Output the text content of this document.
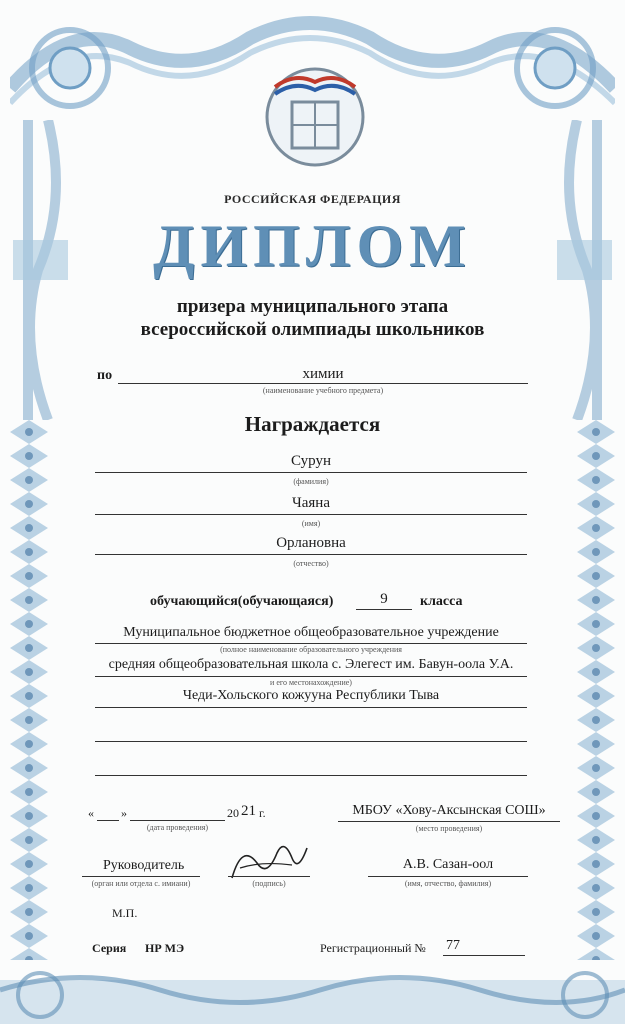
РОССИЙСКАЯ ФЕДЕРАЦИЯ
ДИПЛОМ
призера муниципального этапа
всероссийской олимпиады школьников
по	химии
(наименование учебного предмета)
Награждается
Сурун
(фамилия)
Чаяна
(имя)
Орлановна
(отчество)
обучающийся(обучающаяся)	9	класса
Муниципальное бюджетное общеобразовательное учреждение
(полное наименование образовательного учреждения
средняя общеобразовательная школа с. Элегест им. Бавун-оола У.А.
и его местонахождение)
Чеди-Хольского кожууна Республики Тыва
« »	20 21 г.
(дата проведения)
МБОУ «Хову-Аксынская СОШ»
(место проведения)
Руководитель
(орган или отдела с. имиани)	(подпись)
А.В. Сазан-оол
(имя, отчество, фамилия)
М.П.
Серия НР МЭ	Регистрационный № 77
